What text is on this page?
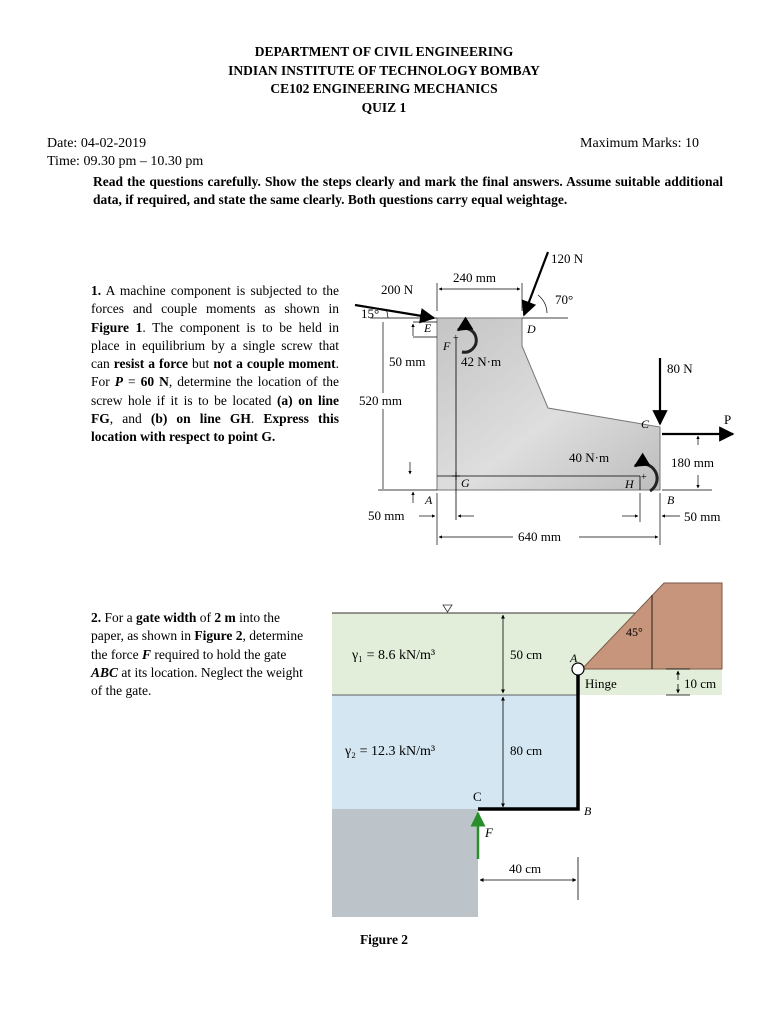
DEPARTMENT OF CIVIL ENGINEERING
INDIAN INSTITUTE OF TECHNOLOGY BOMBAY
CE102 ENGINEERING MECHANICS
QUIZ 1
Date: 04-02-2019
Time: 09.30 pm – 10.30 pm
Maximum Marks: 10
Read the questions carefully. Show the steps clearly and mark the final answers. Assume suitable additional data, if required, and state the same clearly. Both questions carry equal weightage.
1. A machine component is subjected to the forces and couple moments as shown in Figure 1. The component is to be held in place in equilibrium by a single screw that can resist a force but not a couple moment. For P = 60 N, determine the location of the screw hole if it is to be located (a) on line FG, and (b) on line GH. Express this location with respect to point G.
2. For a gate width of 2 m into the paper, as shown in Figure 2, determine the force F required to hold the gate ABC at its location. Neglect the weight of the gate.
200 N
15°
240 mm
120 N
70°
E	D
F
+
42 N·m
50 mm
520 mm
A
G
80 N
C	P
+
40 N·m
H
180 mm
B
50 mm	50 mm
640 mm
45°
γ₁ = 8.6 kN/m³
γ₂ = 12.3 kN/m³
A
Hinge
B
C
F
50 cm
80 cm
40 cm
10 cm
Figure 2
